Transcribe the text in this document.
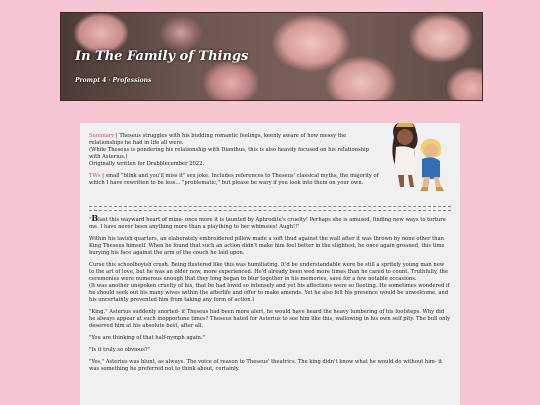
In The Family of Things
Prompt 4 · Professions

Summary | Theseus struggles with his budding romantic feelings, keenly aware of how messy the relationships he had in life all were.
(While Theseus is pondering his relationship with Dianthus, this is also heavily focused on his relationship with Asterius.)
Originally written for Drabblecember 2022.

TWs | small "blink and you'll miss it" sex joke. Includes references to Theseus' classical myths, the majority of which I have rewritten to be less... "problematic," but please be wary if you look into them on your own.

"Blast this wayward heart of mine- once more it is taunted by Aphrodite's cruelty! Perhaps she is amused, finding new ways to torture me. I have never been anything more than a plaything to her whimsies! Augh!!"

Within his lavish quarters, an elaborately embroidered pillow made a soft thud against the wall after it was thrown by none other than King Theseus himself. When he found that such an action didn't make him feel better in the slightest, he once again groaned, this time burying his face against the arm of the couch he laid upon.

Curse this schoolboyish crush. Being flustered like this was humiliating. It'd be understandable were he still a spritely young man new to the art of love, but he was an older now, more experienced. He'd already been wed more times than he cared to count. Truthfully, the ceremonies were numerous enough that they long began to blur together in his memories, save for a few notable occasions.
(It was another unspoken cruelty of his, that he had loved so intensely and yet his affections were so fleeting. He sometimes wondered if he should seek out his many wives within the afterlife and offer to make amends. Yet he also felt his presence would be unwelcome, and his uncertainty prevented him from taking any form of action.)

"King." Asterius suddenly snorted- if Theseus had been more alert, he would have heard the heavy lumbering of his footsteps. Why did he always appear at such inopportune times? Theseus hated for Asterius to see him like this, wallowing in his own self pity. The bull only deserved him at his absolute best, after all.

"You are thinking of that half-nymph again."

"Is it truly so obvious?"

"Yes," Asterius was blunt, as always. The voice of reason to Theseus' theatrics. The king didn't know what he would do without him- it was something he preferred not to think about, certainly.
